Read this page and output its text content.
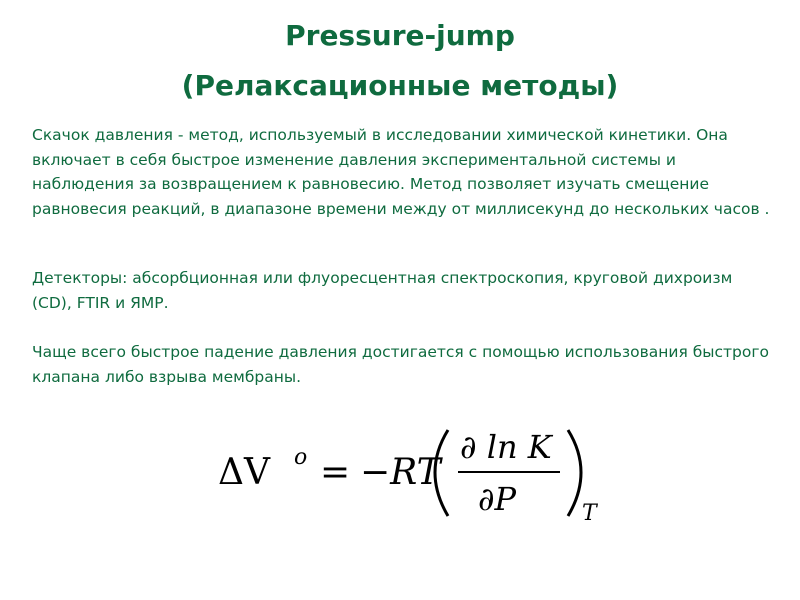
Pressure-jump
(Релаксационные методы)

Скачок давления - метод, используемый в исследовании химической кинетики. Она включает в себя быстрое изменение давления экспериментальной системы и наблюдения за возвращением к равновесию. Метод позволяет изучать смещение равновесия реакций, в диапазоне времени между от миллисекунд до нескольких часов .

Детекторы: абсорбционная или флуоресцентная спектроскопия, круговой дихроизм (CD), FTIR и ЯМР.

Чаще всего быстрое падение давления достигается с помощью использования быстрого клапана либо взрыва мембраны.

ΔV o = −RT
∂ ln K
∂P	T
